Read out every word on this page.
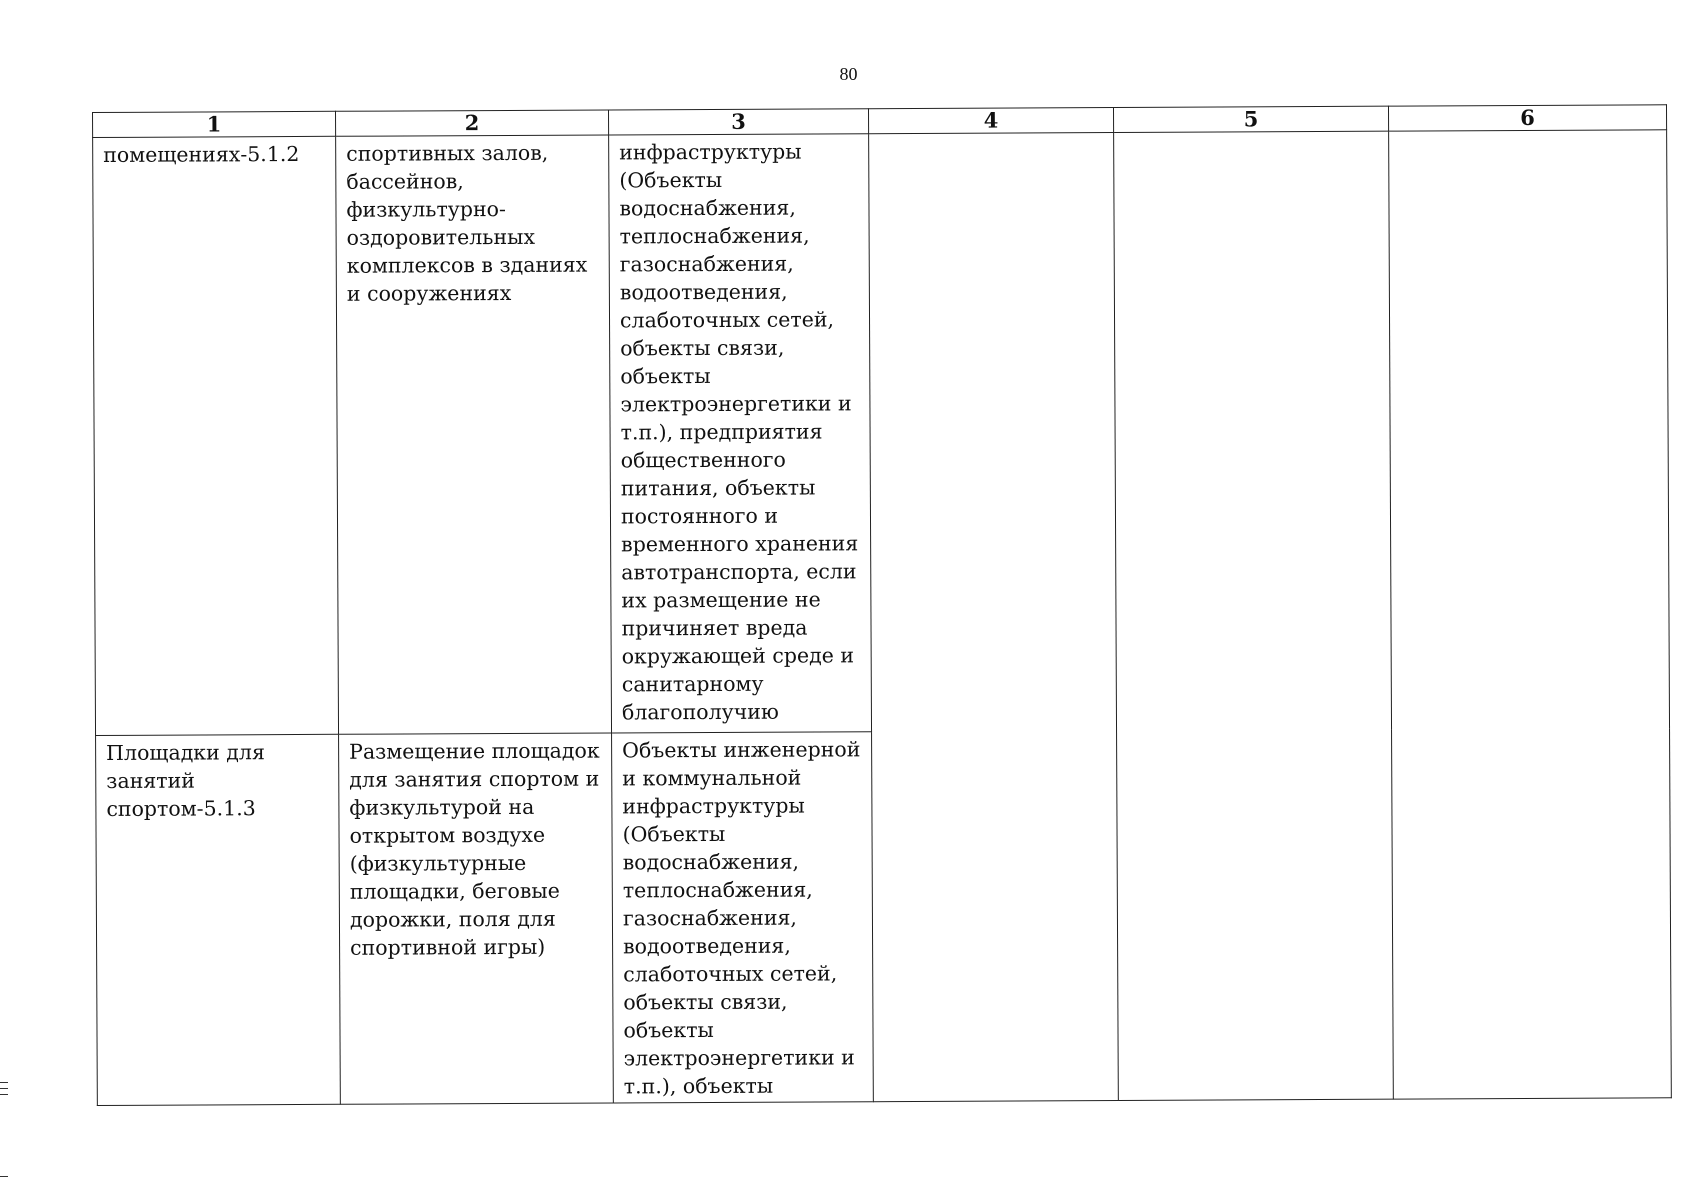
80
1	2	3	4	5	6
помещениях-5.1.2	спортивных залов, бассейнов, физкультурно-оздоровительных комплексов в зданиях и сооружениях	инфраструктуры (Объекты водоснабжения, теплоснабжения, газоснабжения, водоотведения, слаботочных сетей, объекты связи, объекты электроэнергетики и т.п.), предприятия общественного питания, объекты постоянного и временного хранения автотранспорта, если их размещение не причиняет вреда окружающей среде и санитарному благополучию			
Площадки для занятий спортом-5.1.3	Размещение площадок для занятия спортом и физкультурой на открытом воздухе (физкультурные площадки, беговые дорожки, поля для спортивной игры)	Объекты инженерной и коммунальной инфраструктуры (Объекты водоснабжения, теплоснабжения, газоснабжения, водоотведения, слаботочных сетей, объекты связи, объекты электроэнергетики и т.п.), объекты			
